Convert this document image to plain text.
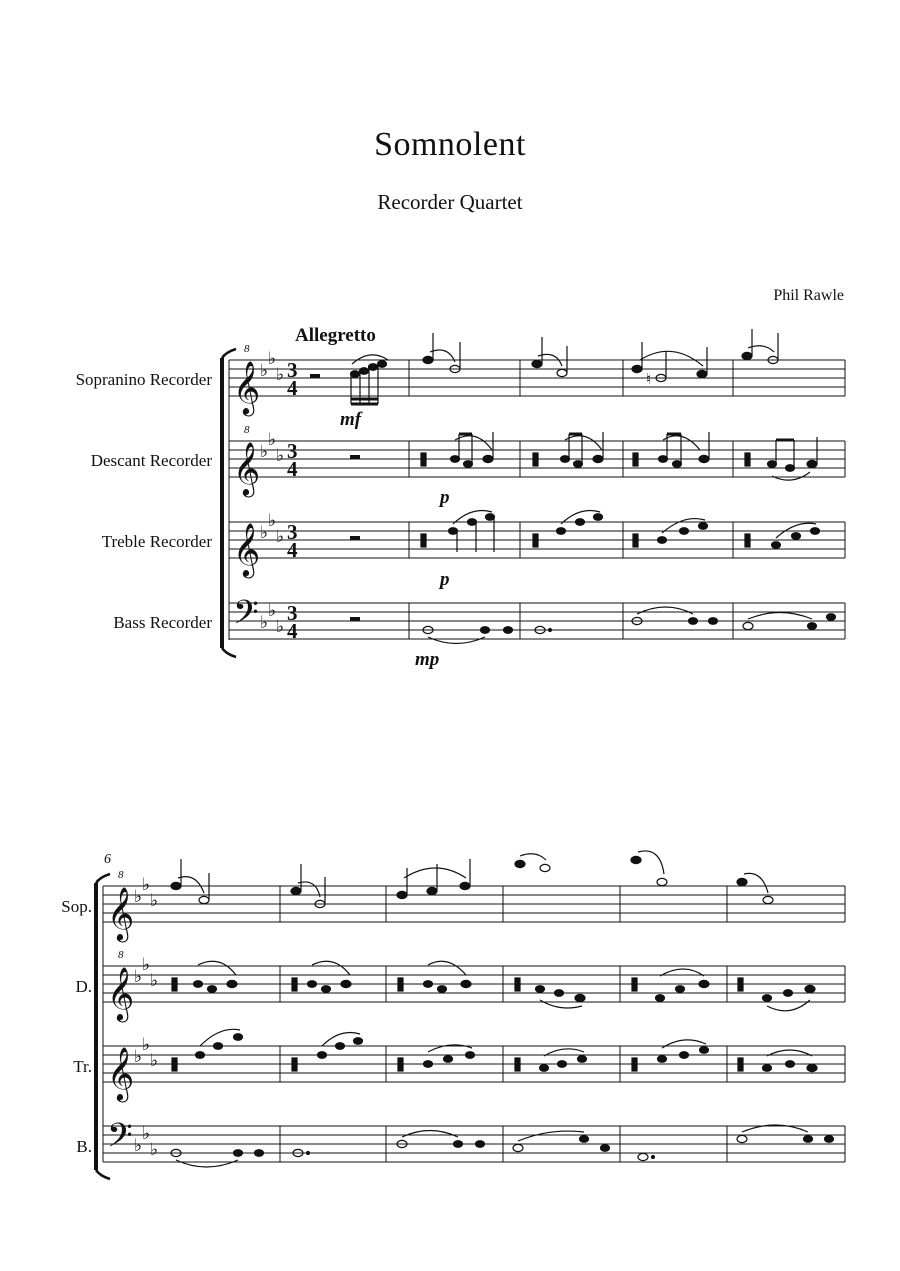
Somnolent
Recorder Quartet
Phil Rawle
Allegretto
Sopranino Recorder
Descant Recorder
Treble Recorder
Bass Recorder
6
Sop.
D.
Tr.
B.
𝄞
8
𝄞
8
𝄞
𝄢
♭
♭
♭
♭
♭
♭
♭
♭
♭
♭
♭
♭
3
4
3
4
3
4
3
4
mf
p
p
mp
♮
𝄞
8
𝄞
8
𝄞
𝄢
♭
♭
♭
♭
♭
♭
♭
♭
♭
♭
♭
♭
